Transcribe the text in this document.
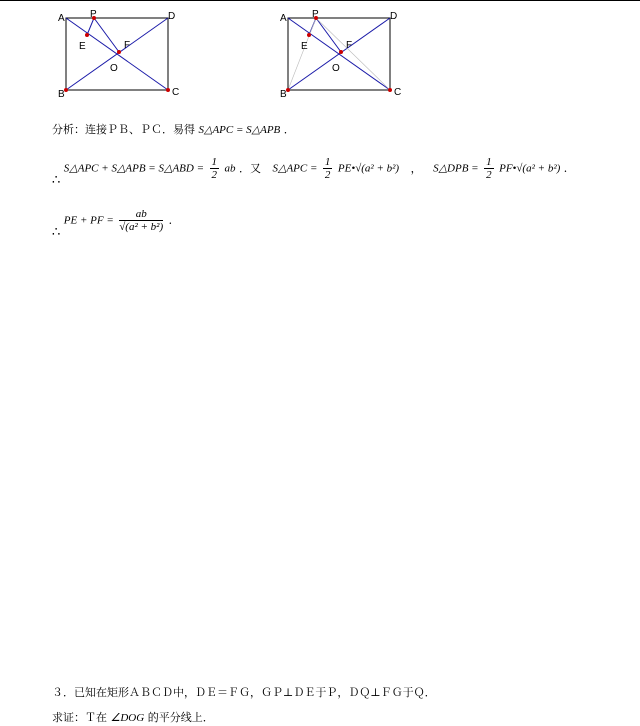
A	P	D
E	F
O
B	C
A	P	D
E	F
O
B	C
分析：连接ＰＢ、ＰＣ．易得 S△APC = S△APB ．
∴ S△APC + S△APB = S△ABD = $\frac{1}{2}$ ab ．又 S△APC = $\frac{1}{2}$ PE•√(a² + b²) ， S△DPB = $\frac{1}{2}$ PF•√(a² + b²) ．
∴ PE + PF = $\frac{ab}{\text{√(a² + b²)}}$ ．
３．已知在矩形ＡＢＣＤ中，ＤＥ＝ＦＧ，ＧＰ⊥ＤＥ于Ｐ，ＤＱ⊥ＦＧ于Ｑ．
求证：Ｔ在 ∠DOG 的平分线上．
